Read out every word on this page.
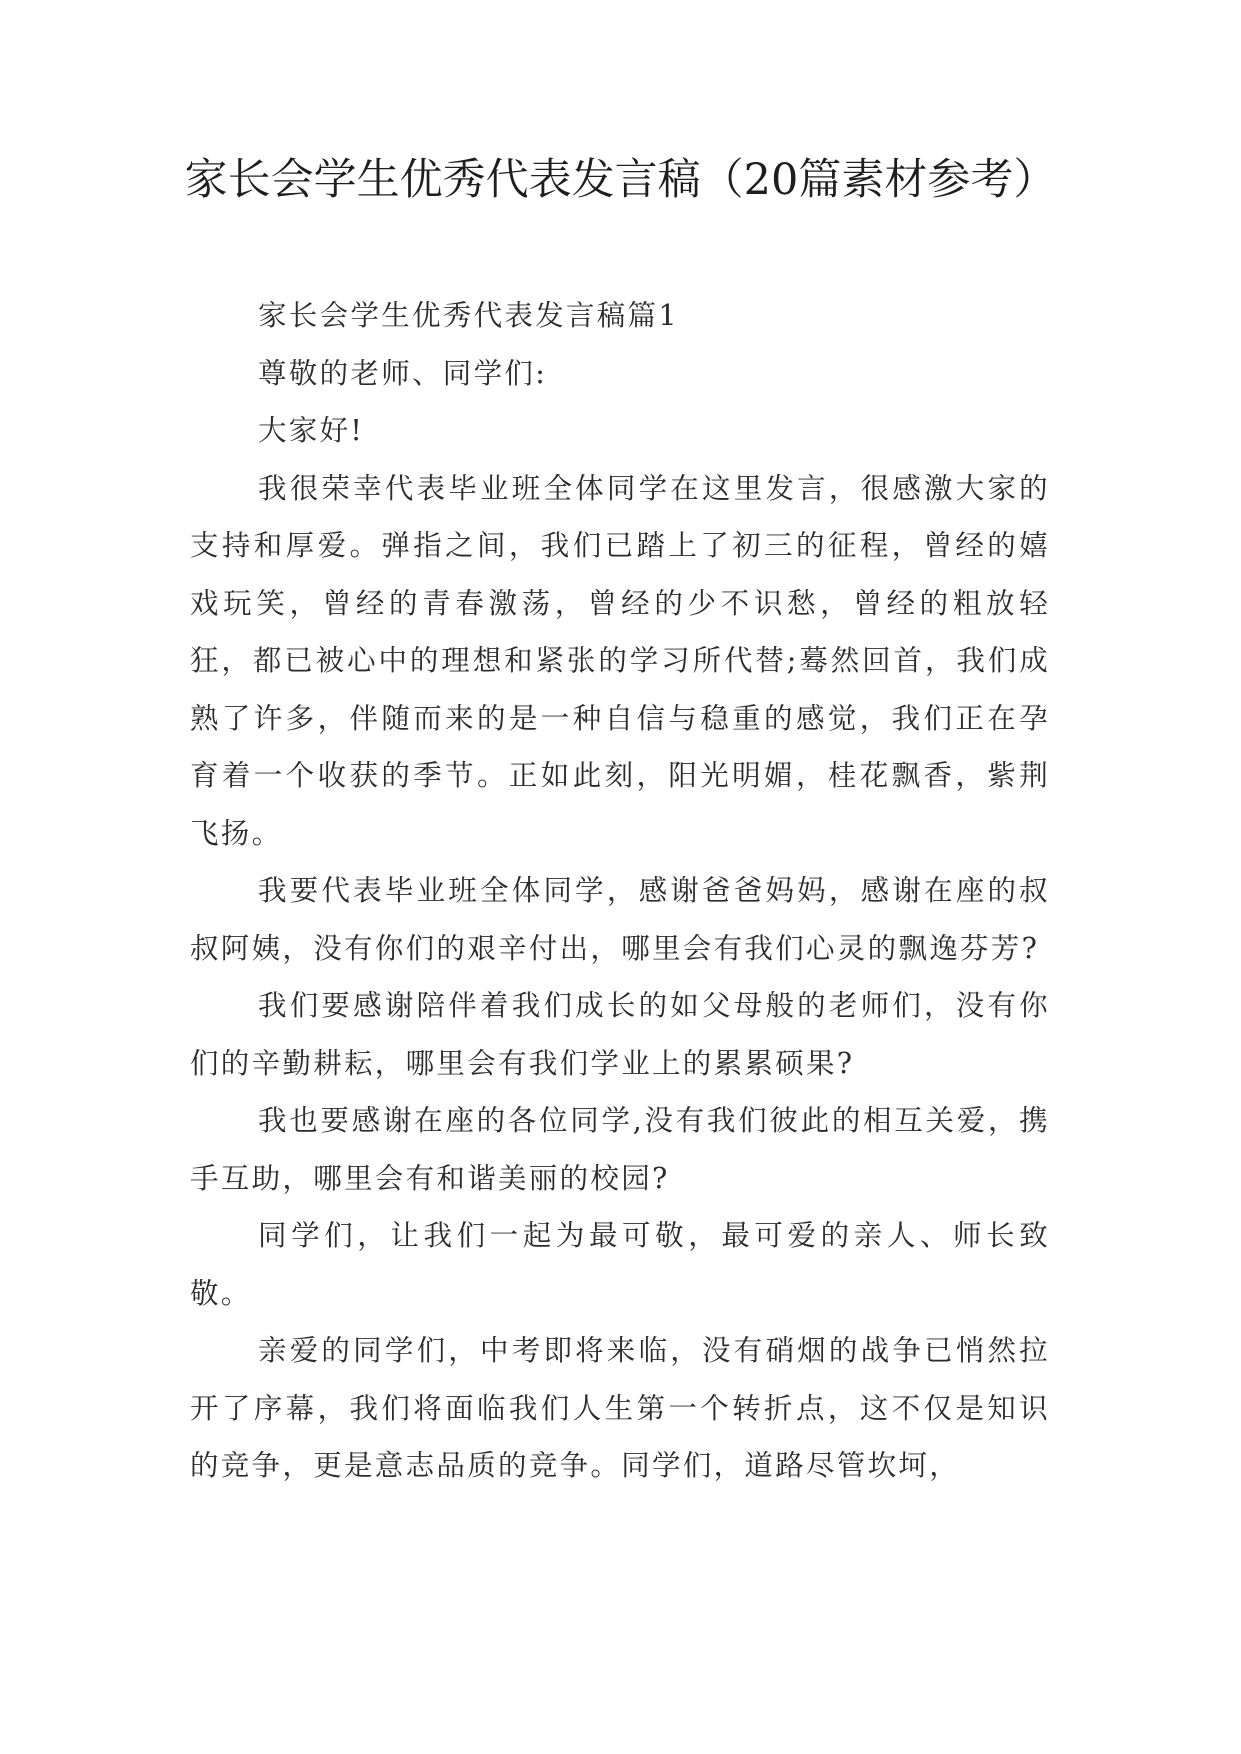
家长会学生优秀代表发言稿（20篇素材参考）

家长会学生优秀代表发言稿篇1

尊敬的老师、同学们:

大家好!

我很荣幸代表毕业班全体同学在这里发言，很感激大家的支持和厚爱。弹指之间，我们已踏上了初三的征程，曾经的嬉戏玩笑，曾经的青春激荡，曾经的少不识愁，曾经的粗放轻狂，都已被心中的理想和紧张的学习所代替;蓦然回首，我们成熟了许多，伴随而来的是一种自信与稳重的感觉，我们正在孕育着一个收获的季节。正如此刻，阳光明媚，桂花飘香，紫荆飞扬。

我要代表毕业班全体同学，感谢爸爸妈妈，感谢在座的叔叔阿姨，没有你们的艰辛付出，哪里会有我们心灵的飘逸芬芳?

我们要感谢陪伴着我们成长的如父母般的老师们，没有你们的辛勤耕耘，哪里会有我们学业上的累累硕果?

我也要感谢在座的各位同学,没有我们彼此的相互关爱，携手互助，哪里会有和谐美丽的校园?

同学们，让我们一起为最可敬，最可爱的亲人、师长致敬。

亲爱的同学们，中考即将来临，没有硝烟的战争已悄然拉开了序幕，我们将面临我们人生第一个转折点，这不仅是知识的竞争，更是意志品质的竞争。同学们，道路尽管坎坷，
